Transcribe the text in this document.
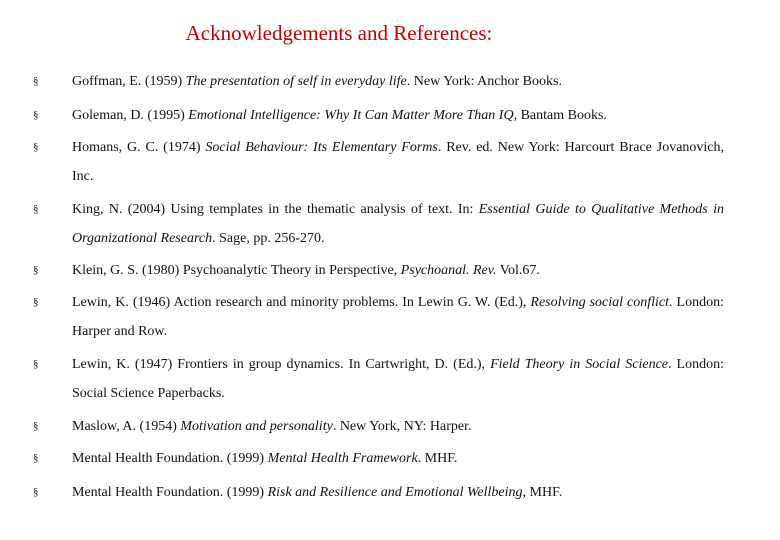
Acknowledgements and References:
§ Goffman, E. (1959) The presentation of self in everyday life. New York: Anchor Books.
§ Goleman, D. (1995) Emotional Intelligence: Why It Can Matter More Than IQ, Bantam Books.
§ Homans, G. C. (1974) Social Behaviour: Its Elementary Forms. Rev. ed. New York: Harcourt Brace Jovanovich, Inc.
§ King, N. (2004) Using templates in the thematic analysis of text. In: Essential Guide to Qualitative Methods in Organizational Research. Sage, pp. 256-270.
§ Klein, G. S. (1980) Psychoanalytic Theory in Perspective, Psychoanal. Rev. Vol.67.
§ Lewin, K. (1946) Action research and minority problems. In Lewin G. W. (Ed.), Resolving social conflict. London: Harper and Row.
§ Lewin, K. (1947) Frontiers in group dynamics. In Cartwright, D. (Ed.), Field Theory in Social Science. London: Social Science Paperbacks.
§ Maslow, A. (1954) Motivation and personality. New York, NY: Harper.
§ Mental Health Foundation. (1999) Mental Health Framework. MHF.
§ Mental Health Foundation. (1999) Risk and Resilience and Emotional Wellbeing, MHF.
